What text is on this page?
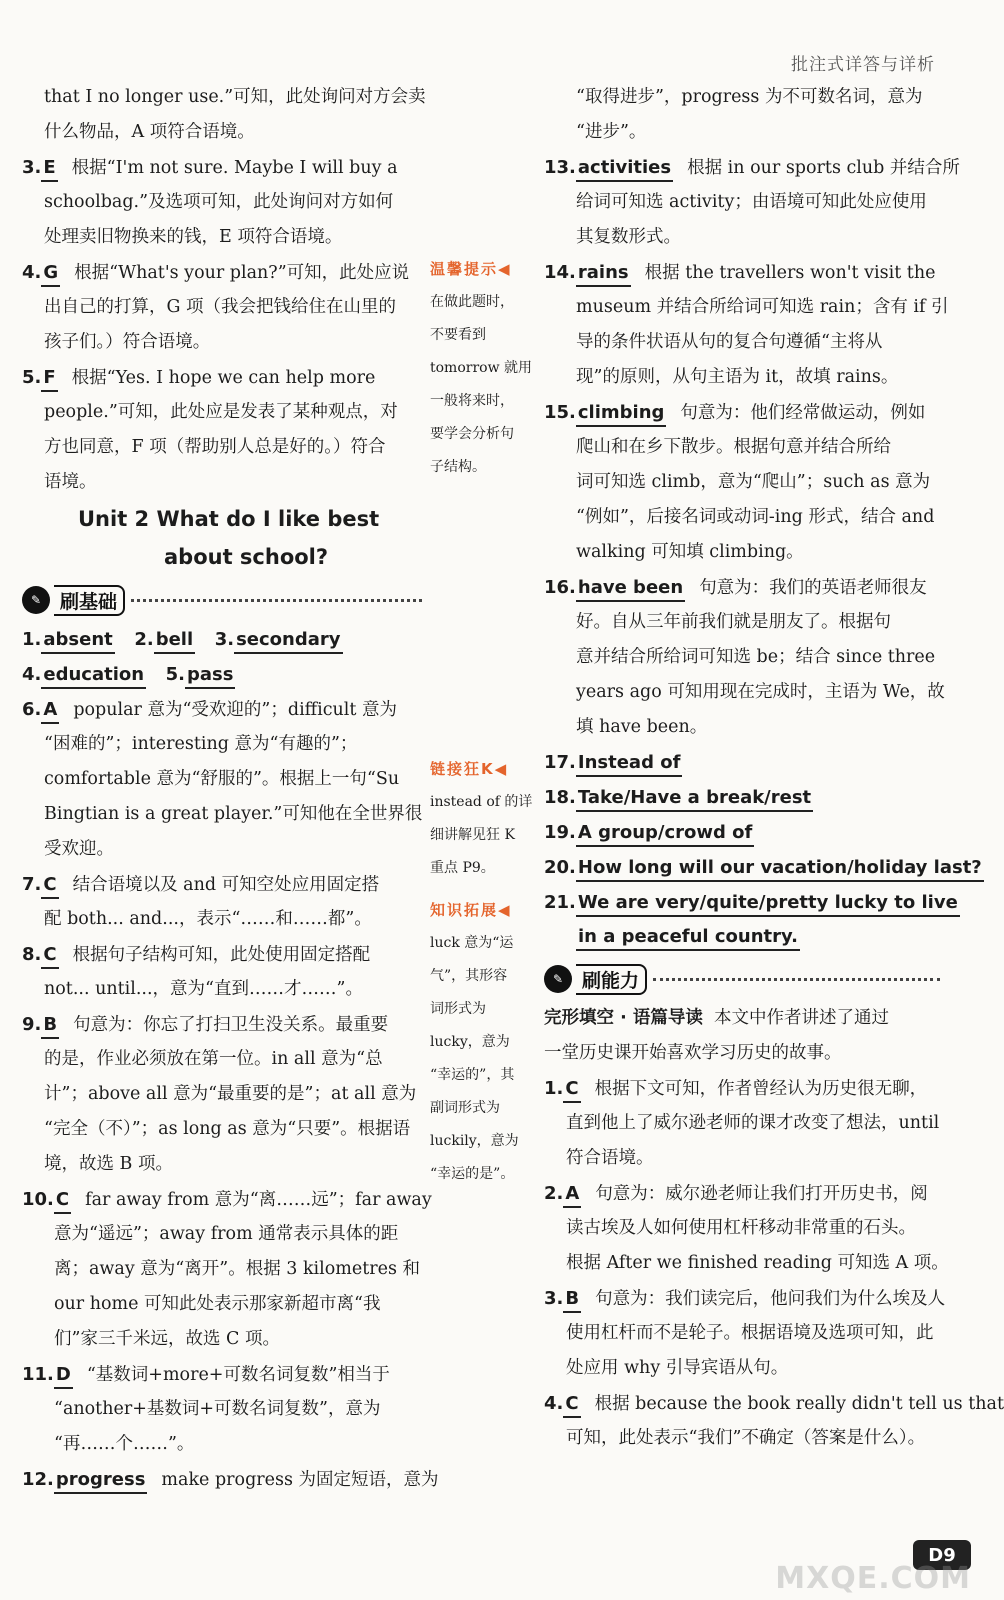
批注式详答与详析
that I no longer use.”可知，此处询问对方会卖
什么物品，A 项符合语境。
3. E 根据“I'm not sure. Maybe I will buy a
schoolbag.”及选项可知，此处询问对方如何
处理卖旧物换来的钱，E 项符合语境。
4. G 根据“What's your plan?”可知，此处应说
出自己的打算，G 项（我会把钱给住在山里的
孩子们。）符合语境。
5. F 根据“Yes. I hope we can help more
people.”可知，此处应是发表了某种观点，对
方也同意，F 项（帮助别人总是好的。）符合
语境。
Unit 2 What do I like best
about school?
✎ 刷基础
1. absent 2. bell 3. secondary
4. education 5. pass
6. A popular 意为“受欢迎的”；difficult 意为
“困难的”；interesting 意为“有趣的”；
comfortable 意为“舒服的”。根据上一句“Su
Bingtian is a great player.”可知他在全世界很
受欢迎。
7. C 结合语境以及 and 可知空处应用固定搭
配 both... and...，表示“……和……都”。
8. C 根据句子结构可知，此处使用固定搭配
not... until...，意为“直到……才……”。
9. B 句意为：你忘了打扫卫生没关系。最重要
的是，作业必须放在第一位。in all 意为“总
计”；above all 意为“最重要的是”；at all 意为
“完全（不）”；as long as 意为“只要”。根据语
境，故选 B 项。
10. C far away from 意为“离……远”；far away
意为“遥远”；away from 通常表示具体的距
离；away 意为“离开”。根据 3 kilometres 和
our home 可知此处表示那家新超市离“我
们”家三千米远，故选 C 项。
11. D “基数词+more+可数名词复数”相当于
“another+基数词+可数名词复数”，意为
“再……个……”。
12. progress make progress 为固定短语，意为
温馨提示◀
在做此题时，
不要看到
tomorrow 就用
一般将来时，
要学会分析句
子结构。
链接狂K◀
instead of 的详
细讲解见狂 K
重点 P9。
知识拓展◀
luck 意为“运
气”，其形容
词形式为
lucky，意为
“幸运的”，其
副词形式为
luckily，意为
“幸运的是”。
“取得进步”，progress 为不可数名词，意为
“进步”。
13. activities 根据 in our sports club 并结合所
给词可知选 activity；由语境可知此处应使用
其复数形式。
14. rains 根据 the travellers won't visit the
museum 并结合所给词可知选 rain；含有 if 引
导的条件状语从句的复合句遵循“主将从
现”的原则，从句主语为 it，故填 rains。
15. climbing 句意为：他们经常做运动，例如
爬山和在乡下散步。根据句意并结合所给
词可知选 climb，意为“爬山”；such as 意为
“例如”，后接名词或动词-ing 形式，结合 and
walking 可知填 climbing。
16. have been 句意为：我们的英语老师很友
好。自从三年前我们就是朋友了。根据句
意并结合所给词可知选 be；结合 since three
years ago 可知用现在完成时，主语为 We，故
填 have been。
17. Instead of
18. Take/Have a break/rest
19. A group/crowd of
20. How long will our vacation/holiday last?
21. We are very/quite/pretty lucky to live
in a peaceful country.
✎ 刷能力
完形填空 · 语篇导读 本文中作者讲述了通过
一堂历史课开始喜欢学习历史的故事。
1. C 根据下文可知，作者曾经认为历史很无聊，
直到他上了威尔逊老师的课才改变了想法，until
符合语境。
2. A 句意为：威尔逊老师让我们打开历史书，阅
读古埃及人如何使用杠杆移动非常重的石头。
根据 After we finished reading 可知选 A 项。
3. B 句意为：我们读完后，他问我们为什么埃及人
使用杠杆而不是轮子。根据语境及选项可知，此
处应用 why 引导宾语从句。
4. C 根据 because the book really didn't tell us that
可知，此处表示“我们”不确定（答案是什么）。
D9
MXQE.COM
